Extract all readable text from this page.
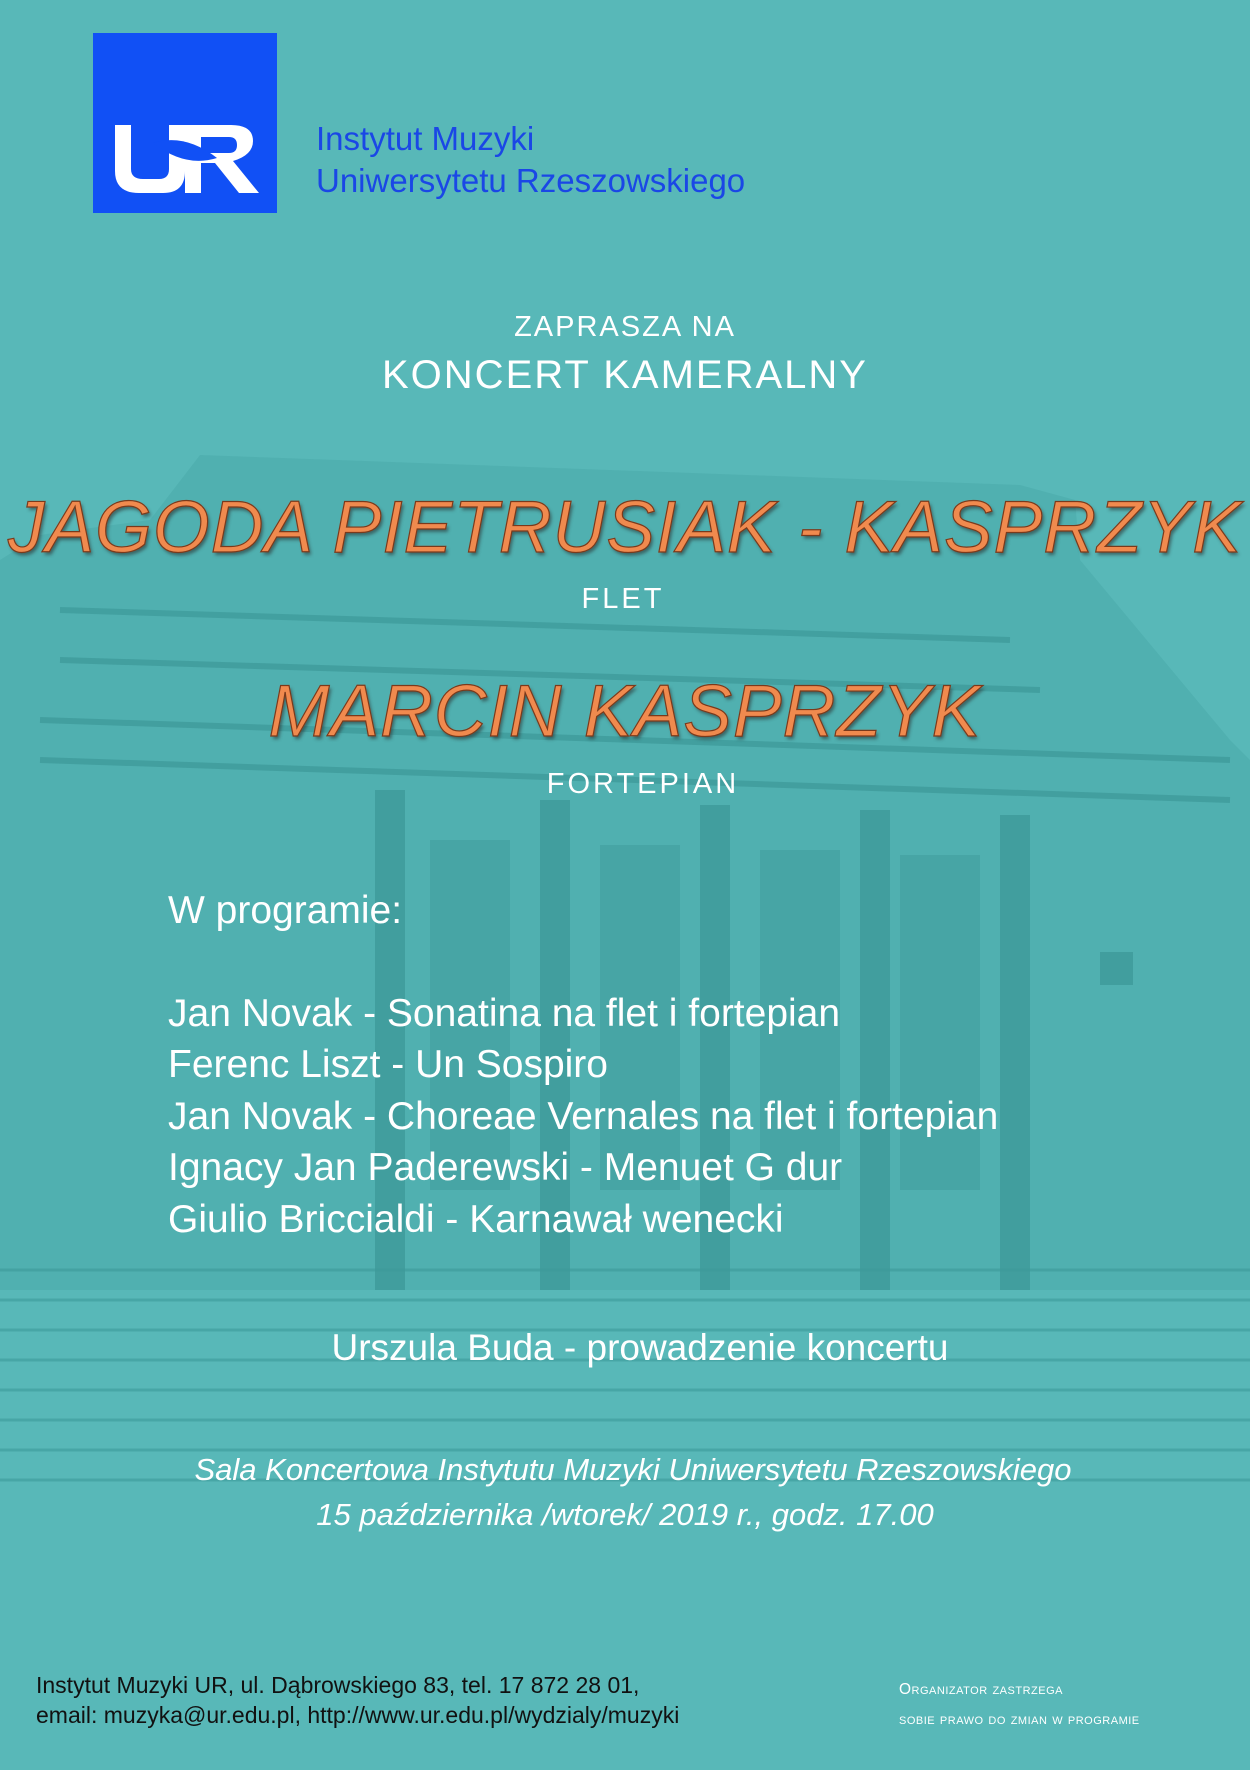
Instytut Muzyki
Uniwersytetu Rzeszowskiego
ZAPRASZA NA
KONCERT KAMERALNY
JAGODA PIETRUSIAK - KASPRZYK
FLET
MARCIN KASPRZYK
FORTEPIAN
W programie:
Jan Novak - Sonatina na flet i fortepian
Ferenc Liszt - Un Sospiro
Jan Novak - Choreae Vernales na flet i fortepian
Ignacy Jan Paderewski - Menuet G dur
Giulio Briccialdi - Karnawał wenecki
Urszula Buda - prowadzenie koncertu
Sala Koncertowa Instytutu Muzyki Uniwersytetu Rzeszowskiego
15 października /wtorek/ 2019 r., godz. 17.00
Instytut Muzyki UR, ul. Dąbrowskiego 83, tel. 17 872 28 01,
email: muzyka@ur.edu.pl, http://www.ur.edu.pl/wydzialy/muzyki
Organizator zastrzega
sobie prawo do zmian w programie
